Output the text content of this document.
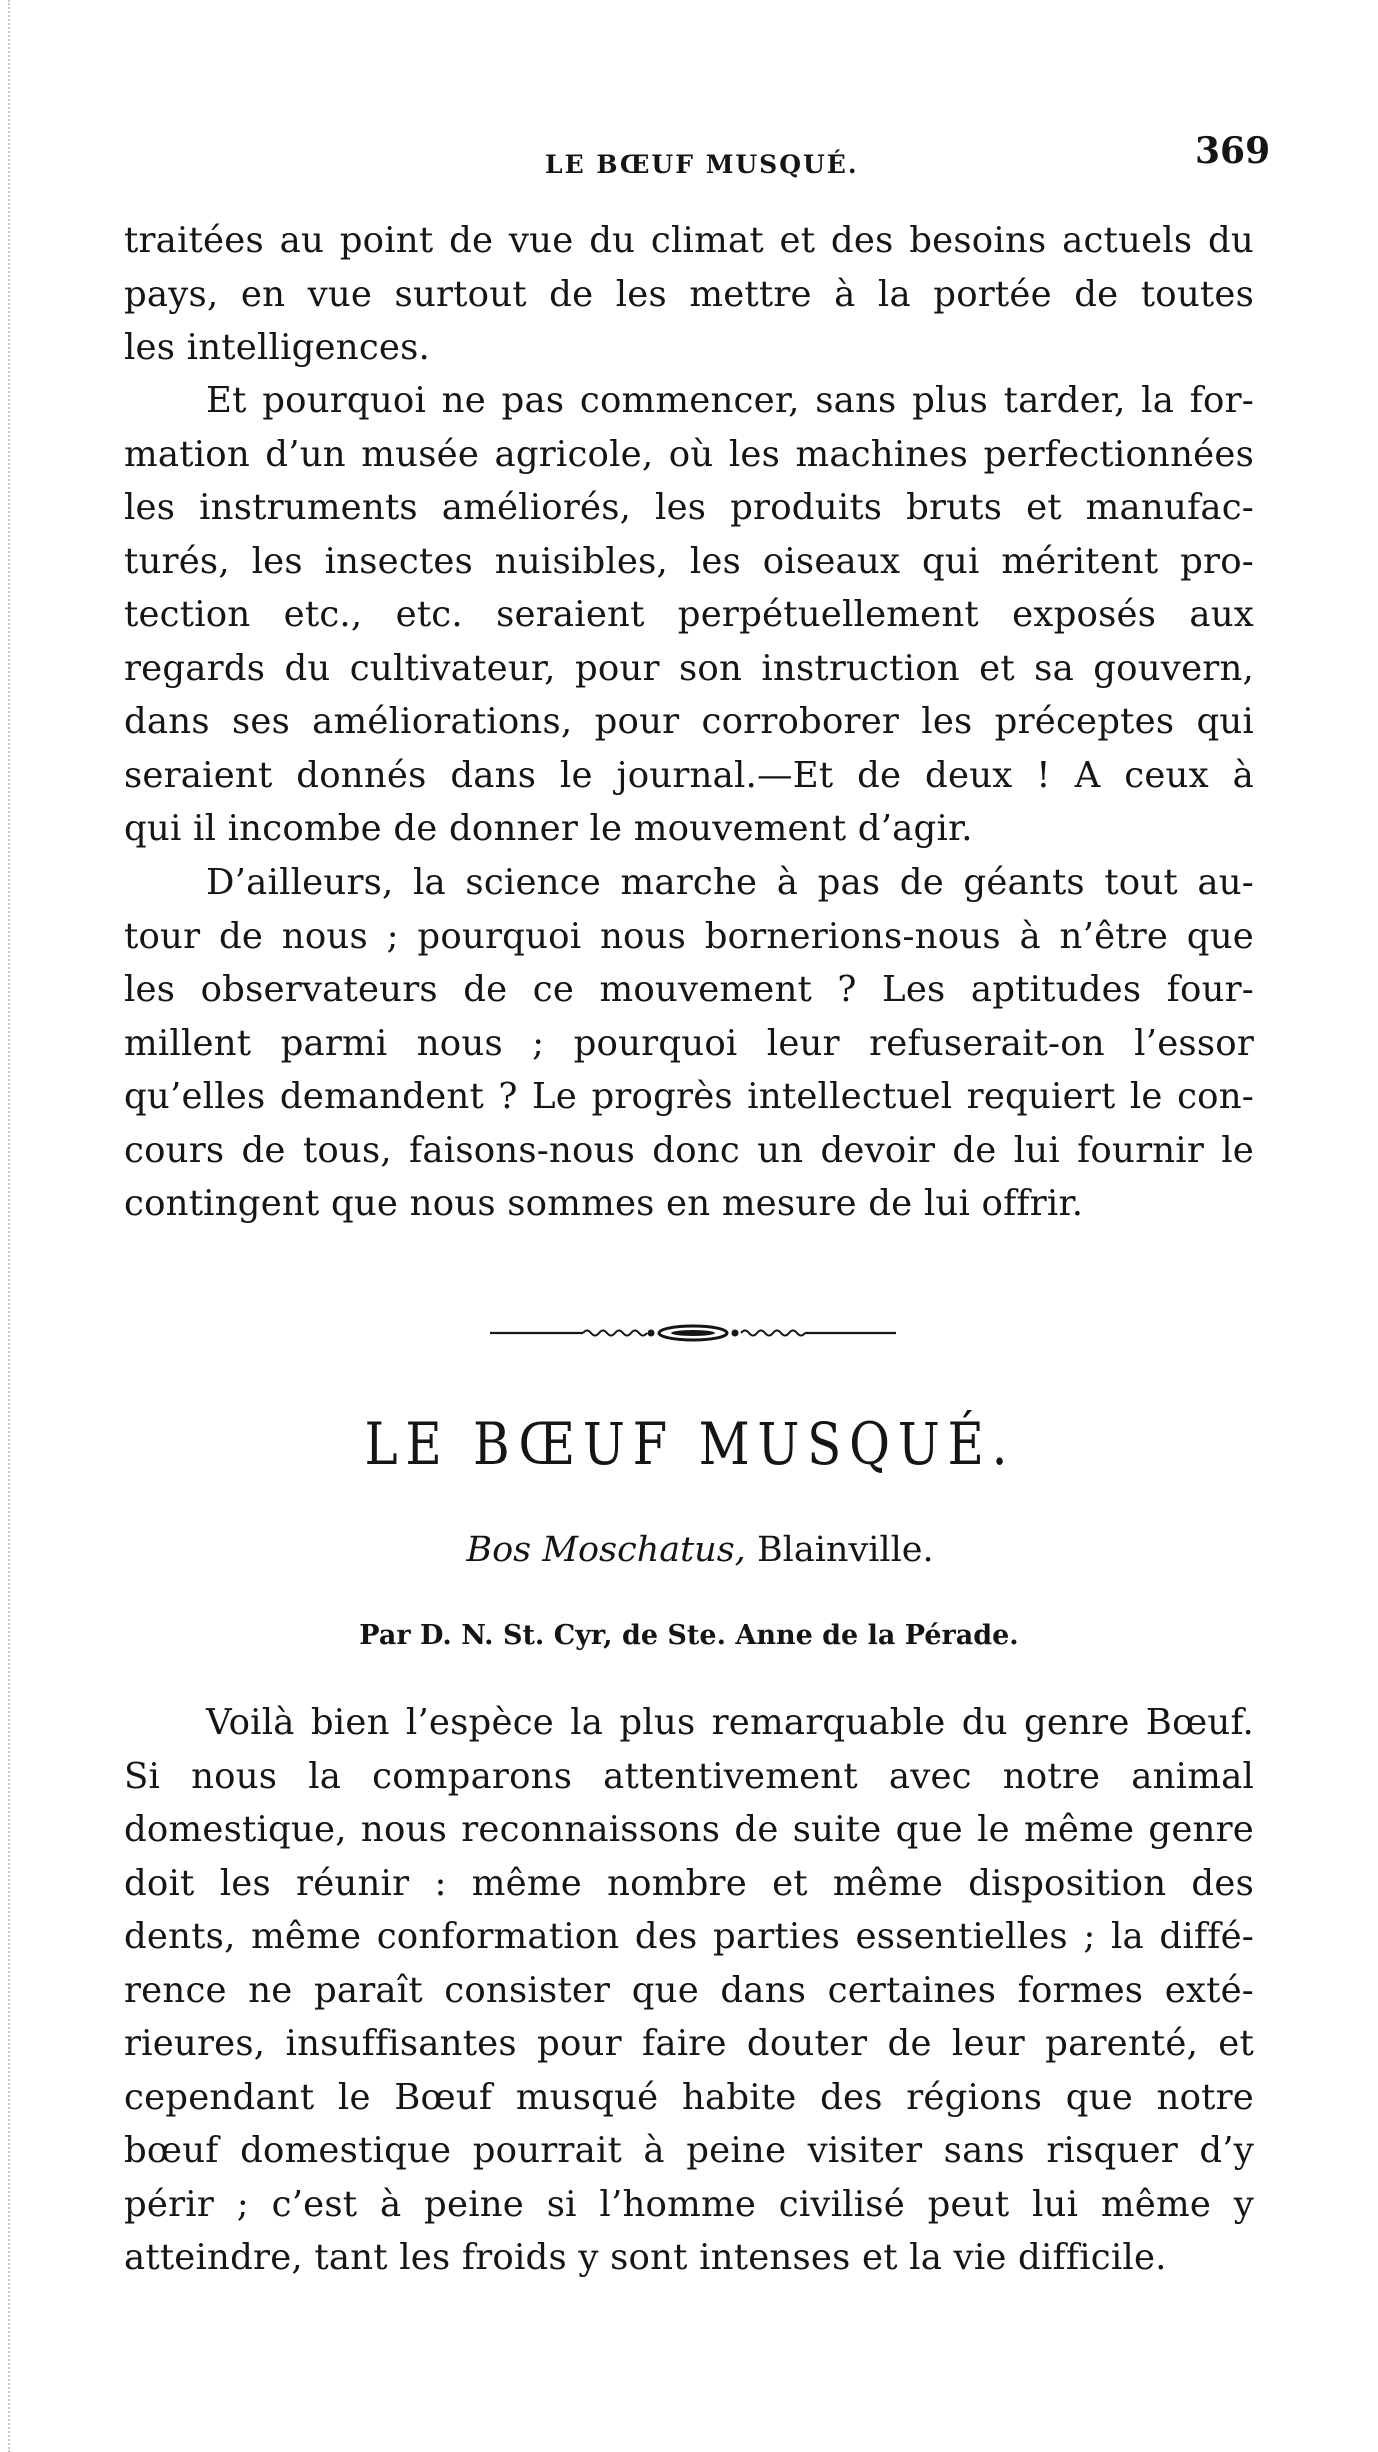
LE BŒUF MUSQUÉ.	369
traitées au point de vue du climat et des besoins actuels du
pays, en vue surtout de les mettre à la portée de toutes
les intelligences.
Et pourquoi ne pas commencer, sans plus tarder, la for-
mation d’un musée agricole, où les machines perfectionnées
les instruments améliorés, les produits bruts et manufac-
turés, les insectes nuisibles, les oiseaux qui méritent pro-
tection etc., etc. seraient perpétuellement exposés aux
regards du cultivateur, pour son instruction et sa gouvern,
dans ses améliorations, pour corroborer les préceptes qui
seraient donnés dans le journal.—Et de deux ! A ceux à
qui il incombe de donner le mouvement d’agir.
D’ailleurs, la science marche à pas de géants tout au-
tour de nous ; pourquoi nous bornerions-nous à n’être que
les observateurs de ce mouvement ? Les aptitudes four-
millent parmi nous ; pourquoi leur refuserait-on l’essor
qu’elles demandent ? Le progrès intellectuel requiert le con-
cours de tous, faisons-nous donc un devoir de lui fournir le
contingent que nous sommes en mesure de lui offrir.
LE BŒUF MUSQUÉ.
Bos Moschatus, Blainville.
Par D. N. St. Cyr, de Ste. Anne de la Pérade.
Voilà bien l’espèce la plus remarquable du genre Bœuf.
Si nous la comparons attentivement avec notre animal
domestique, nous reconnaissons de suite que le même genre
doit les réunir : même nombre et même disposition des
dents, même conformation des parties essentielles ; la diffé-
rence ne paraît consister que dans certaines formes exté-
rieures, insuffisantes pour faire douter de leur parenté, et
cependant le Bœuf musqué habite des régions que notre
bœuf domestique pourrait à peine visiter sans risquer d’y
périr ; c’est à peine si l’homme civilisé peut lui même y
atteindre, tant les froids y sont intenses et la vie difficile.
